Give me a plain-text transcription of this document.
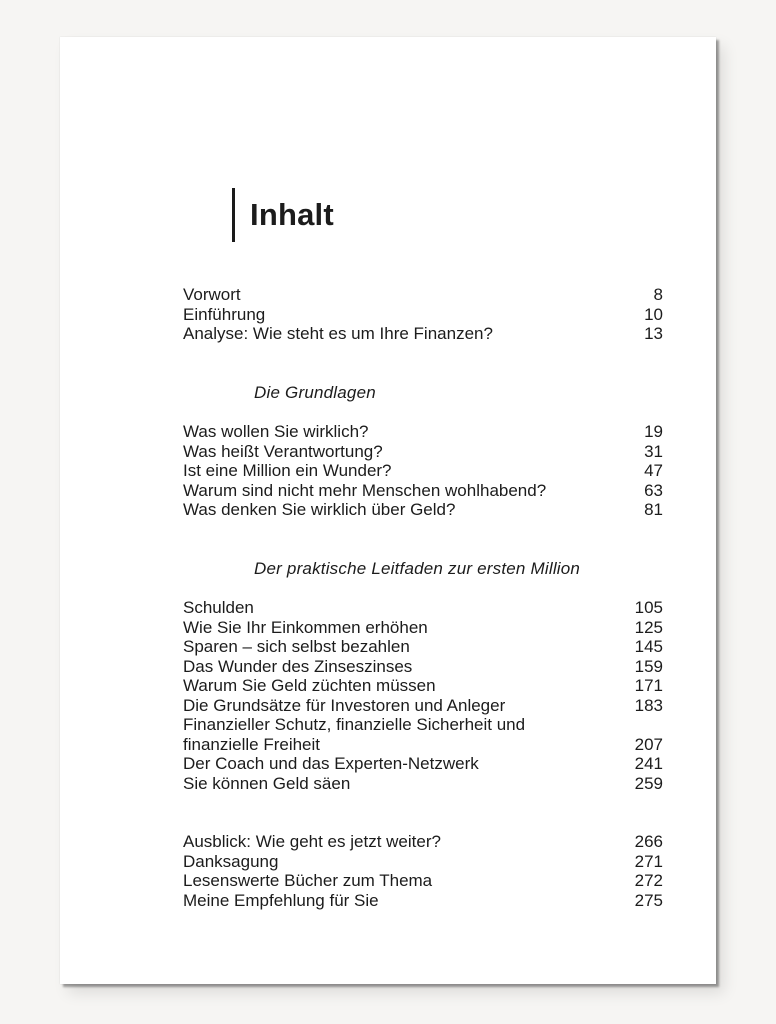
Inhalt
Vorwort	8
Einführung	10
Analyse: Wie steht es um Ihre Finanzen?	13
Die Grundlagen
Was wollen Sie wirklich?	19
Was heißt Verantwortung?	31
Ist eine Million ein Wunder?	47
Warum sind nicht mehr Menschen wohlhabend?	63
Was denken Sie wirklich über Geld?	81
Der praktische Leitfaden zur ersten Million
Schulden	105
Wie Sie Ihr Einkommen erhöhen	125
Sparen – sich selbst bezahlen	145
Das Wunder des Zinseszinses	159
Warum Sie Geld züchten müssen	171
Die Grundsätze für Investoren und Anleger	183
Finanzieller Schutz, finanzielle Sicherheit und
finanzielle Freiheit	207
Der Coach und das Experten-Netzwerk	241
Sie können Geld säen	259
Ausblick: Wie geht es jetzt weiter?	266
Danksagung	271
Lesenswerte Bücher zum Thema	272
Meine Empfehlung für Sie	275
